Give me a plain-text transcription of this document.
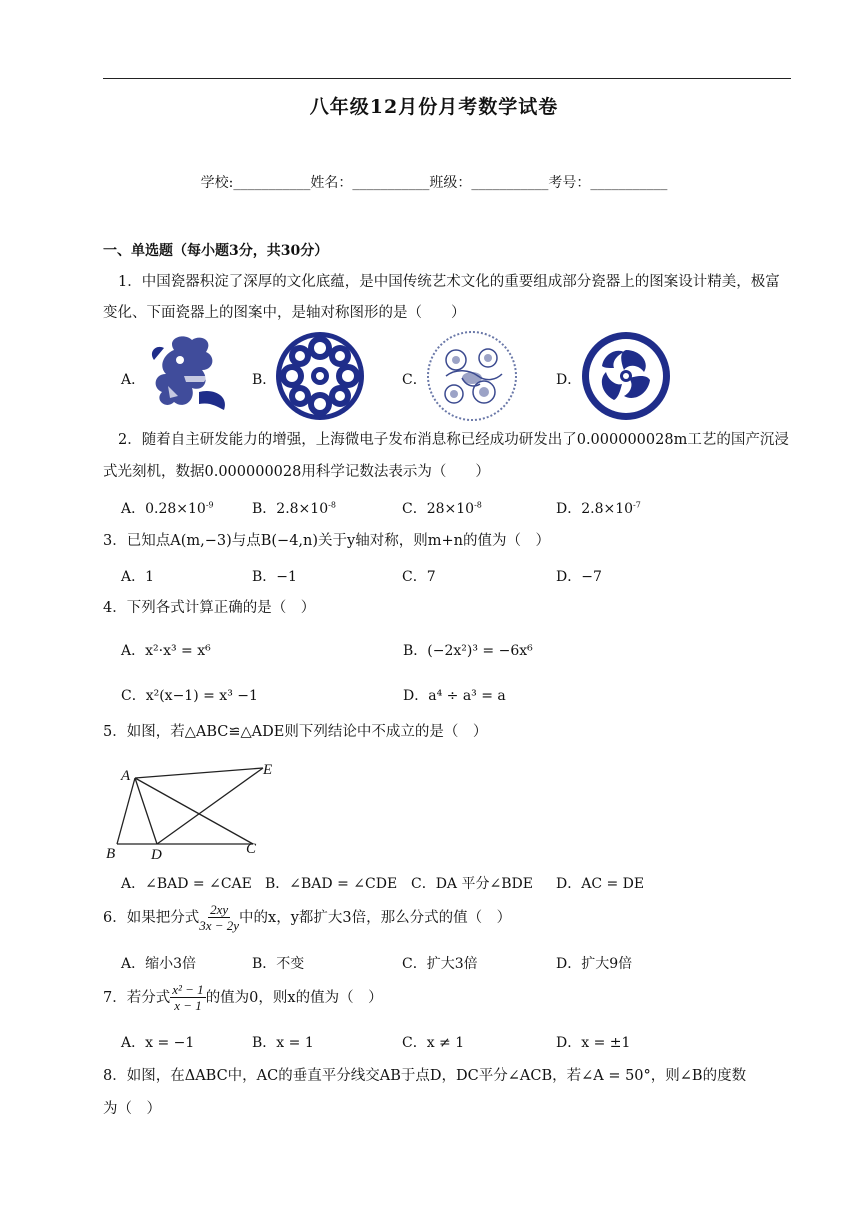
八年级12月份月考数学试卷
学校:___________姓名：___________班级：___________考号：___________
一、单选题（每小题3分，共30分）
1．中国瓷器积淀了深厚的文化底蕴，是中国传统艺术文化的重要组成部分瓷器上的图案设计精美，极富
变化、下面瓷器上的图案中，是轴对称图形的是（　　）
A．	B．	C．	D．
2．随着自主研发能力的增强，上海微电子发布消息称已经成功研发出了0.000000028m工艺的国产沉浸
式光刻机，数据0.000000028用科学记数法表示为（　　）
A．$0.28\times 10^{-9}$	B．$2.8\times 10^{-8}$	C．$28\times 10^{-8}$	D．$2.8\times 10^{-7}$
3．已知点A(m,−3)与点B(−4,n)关于y轴对称，则m+n的值为（　）
A．1	B．−1	C．7	D．−7
4．下列各式计算正确的是（　）
A．x²·x³ = x⁶	B．(−2x²)³ = −6x⁶
C．x²(x−1) = x³ −1	D．a⁴ ÷ a³ = a
5．如图，若△ABC≌△ADE则下列结论中不成立的是（　）
A	E
B D	C
A．∠BAD = ∠CAE B．∠BAD = ∠CDE C．DA 平分∠BDE D．AC = DE
6．如果把分式 $\frac{2xy}{3x - 2y}$ 中的x，y都扩大3倍，那么分式的值（　）
A．缩小3倍	B．不变	C．扩大3倍	D．扩大9倍
7．若分式 $\frac{\text{x² − 1}}{x - 1}$ 的值为0，则x的值为（　）
A．x = −1	B．x = 1	C．x ≠ 1	D．x = ±1
8．如图，在ΔABC中，AC的垂直平分线交AB于点D，DC平分∠ACB，若∠A = 50°，则∠B的度数
为（　）
